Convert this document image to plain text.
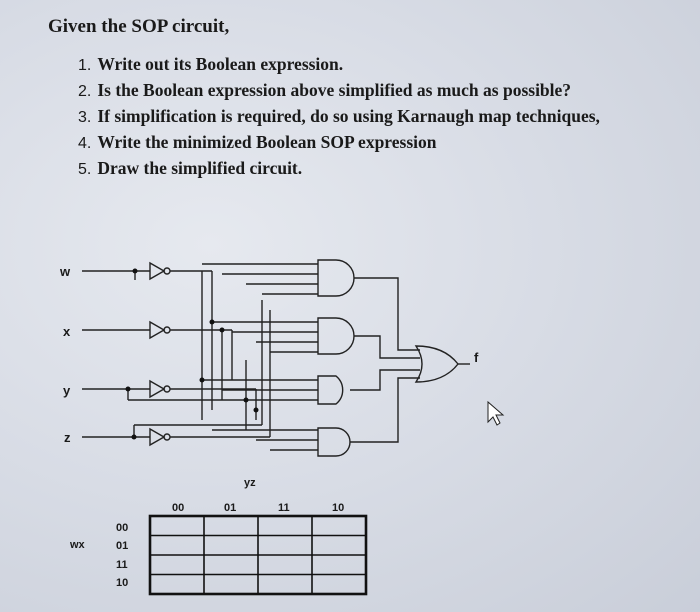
Given the SOP circuit,
1. Write out its Boolean expression.
2. Is the Boolean expression above simplified as much as possible?
3. If simplification is required, do so using Karnaugh map techniques,
4. Write the minimized Boolean SOP expression
5. Draw the simplified circuit.
w
x
y
z
f
yz
00	01	11	10
wx
00
01
11
10
